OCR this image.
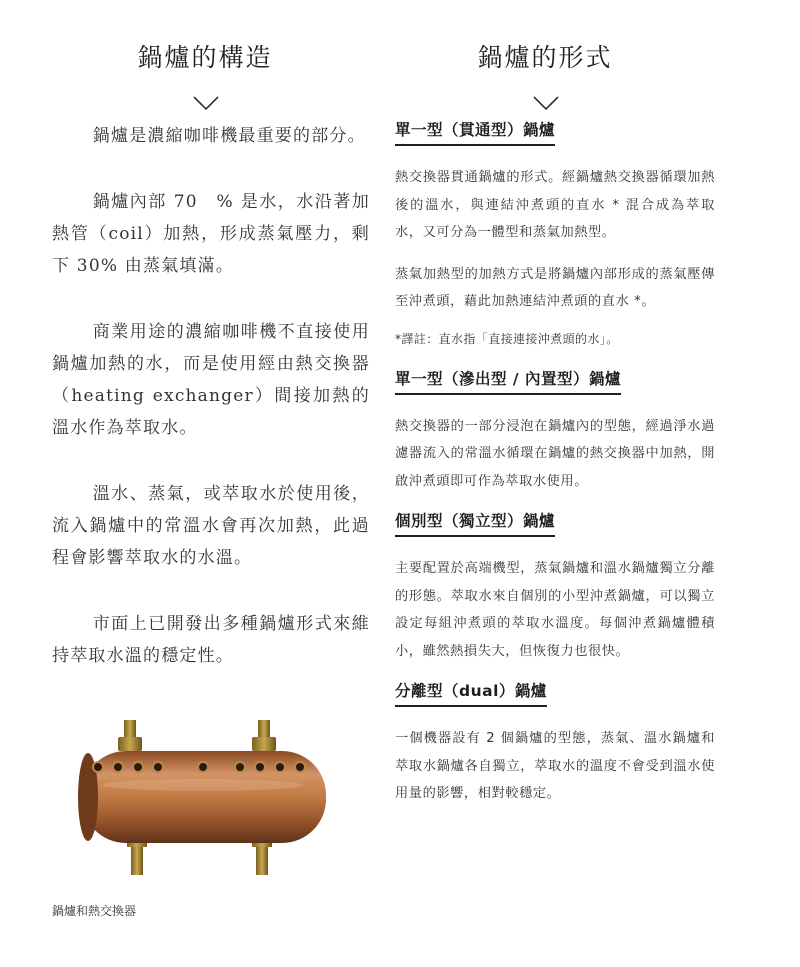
鍋爐的構造

鍋爐是濃縮咖啡機最重要的部分。

鍋爐內部 70　% 是水，水沿著加熱管（coil）加熱，形成蒸氣壓力，剩下 30% 由蒸氣填滿。

商業用途的濃縮咖啡機不直接使用鍋爐加熱的水，而是使用經由熱交換器（heating exchanger）間接加熱的溫水作為萃取水。

溫水、蒸氣，或萃取水於使用後，流入鍋爐中的常溫水會再次加熱，此過程會影響萃取水的水溫。

市面上已開發出多種鍋爐形式來維持萃取水溫的穩定性。

鍋爐和熱交換器
鍋爐的形式
單一型（貫通型）鍋爐
熱交換器貫通鍋爐的形式。經鍋爐熱交換器循環加熱後的溫水，與連結沖煮頭的直水 * 混合成為萃取水，又可分為一體型和蒸氣加熱型。
蒸氣加熱型的加熱方式是將鍋爐內部形成的蒸氣壓傳至沖煮頭，藉此加熱連結沖煮頭的直水 *。
*譯註：直水指「直接連接沖煮頭的水」。
單一型（滲出型 / 內置型）鍋爐
熱交換器的一部分浸泡在鍋爐內的型態，經過淨水過濾器流入的常溫水循環在鍋爐的熱交換器中加熱，開啟沖煮頭即可作為萃取水使用。
個別型（獨立型）鍋爐
主要配置於高端機型，蒸氣鍋爐和溫水鍋爐獨立分離的形態。萃取水來自個別的小型沖煮鍋爐，可以獨立設定每組沖煮頭的萃取水溫度。每個沖煮鍋爐體積小，雖然熱損失大，但恢復力也很快。
分離型（dual）鍋爐
一個機器設有 2 個鍋爐的型態，蒸氣、溫水鍋爐和萃取水鍋爐各自獨立，萃取水的溫度不會受到溫水使用量的影響，相對較穩定。
